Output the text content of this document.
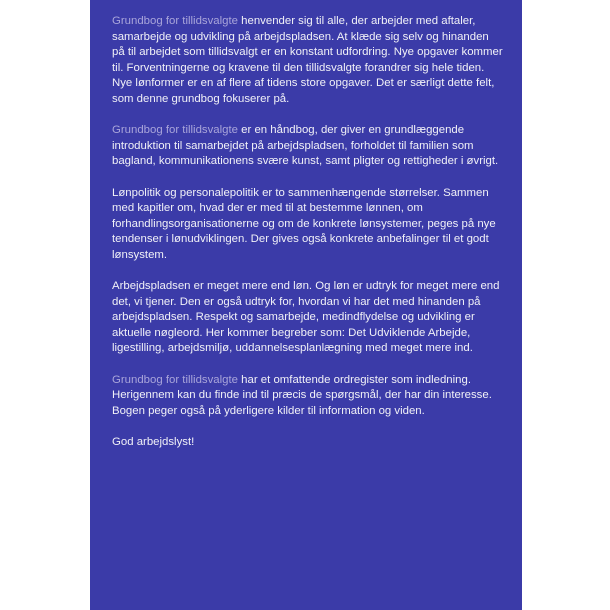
Grundbog for tillidsvalgte henvender sig til alle, der arbejder med aftaler, samarbejde og udvikling på arbejdspladsen. At klæde sig selv og hinanden på til arbejdet som tillidsvalgt er en konstant udfordring. Nye opgaver kommer til. Forventningerne og kravene til den tillidsvalgte forandrer sig hele tiden. Nye lønformer er en af flere af tidens store opgaver. Det er særligt dette felt, som denne grundbog fokuserer på.

Grundbog for tillidsvalgte er en håndbog, der giver en grundlæggende introduktion til samarbejdet på arbejdspladsen, forholdet til familien som bagland, kommunikationens svære kunst, samt pligter og rettigheder i øvrigt.

Lønpolitik og personalepolitik er to sammenhængende størrelser. Sammen med kapitler om, hvad der er med til at bestemme lønnen, om forhandlingsorganisationerne og om de konkrete lønsystemer, peges på nye tendenser i lønudviklingen. Der gives også konkrete anbefalinger til et godt lønsystem.

Arbejdspladsen er meget mere end løn. Og løn er udtryk for meget mere end det, vi tjener. Den er også udtryk for, hvordan vi har det med hinanden på arbejdspladsen. Respekt og samarbejde, medindflydelse og udvikling er aktuelle nøgleord. Her kommer begreber som: Det Udviklende Arbejde, ligestilling, arbejdsmiljø, uddannelsesplanlægning med meget mere ind.

Grundbog for tillidsvalgte har et omfattende ordregister som indledning. Herigennem kan du finde ind til præcis de spørgsmål, der har din interesse. Bogen peger også på yderligere kilder til information og viden.

God arbejdslyst!
